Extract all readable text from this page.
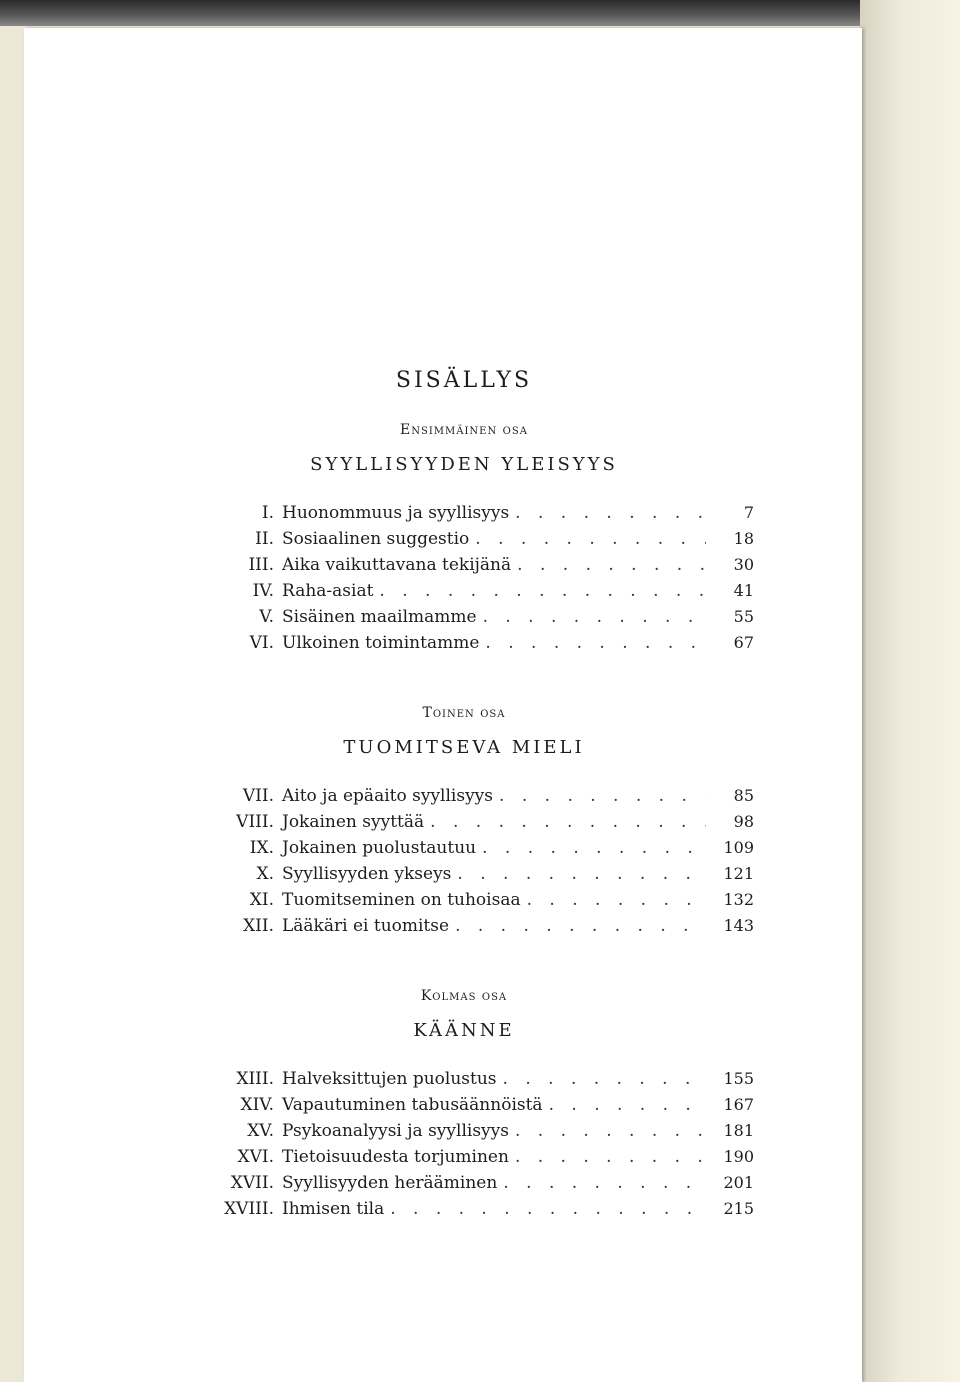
SISÄLLYS
Ensimmäinen osa
SYYLLISYYDEN YLEISYYS
I. Huonommuus ja syyllisyys . . .	7
II. Sosiaalinen suggestio . . .	18
III. Aika vaikuttavana tekijänä . . .	30
IV. Raha-asiat . . .	41
V. Sisäinen maailmamme . . .	55
VI. Ulkoinen toimintamme . . .	67
Toinen osa
TUOMITSEVA MIELI
VII. Aito ja epäaito syyllisyys . . .	85
VIII. Jokainen syyttää . . .	98
IX. Jokainen puolustautuu . . .	109
X. Syyllisyyden ykseys . . .	121
XI. Tuomitseminen on tuhoisaa . . .	132
XII. Lääkäri ei tuomitse . . .	143
Kolmas osa
KÄÄNNE
XIII. Halveksittujen puolustus . . .	155
XIV. Vapautuminen tabusäännöistä . . .	167
XV. Psykoanalyysi ja syyllisyys . . .	181
XVI. Tietoisuudesta torjuminen . . .	190
XVII. Syyllisyyden herääminen . . .	201
XVIII. Ihmisen tila . . .	215
